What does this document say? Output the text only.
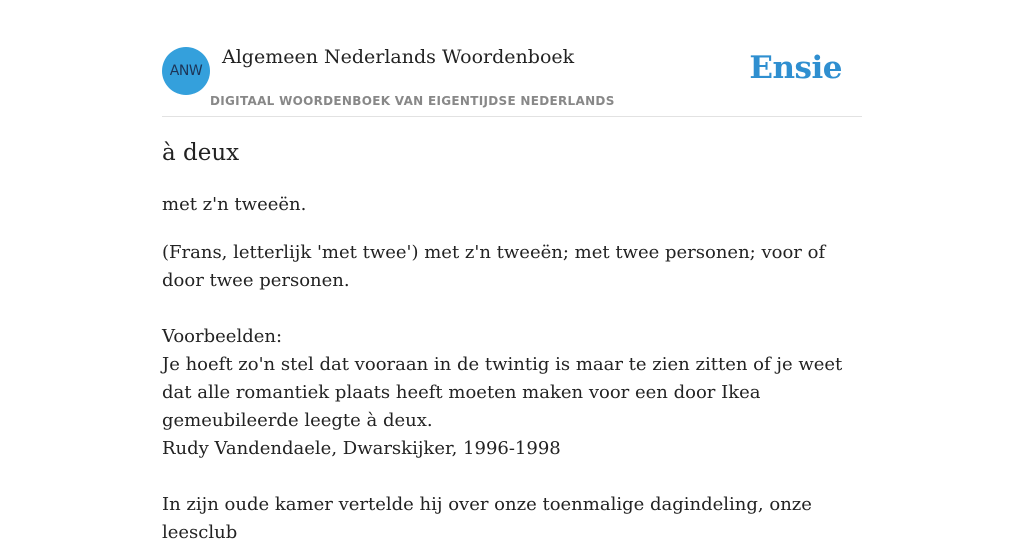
ANW
Algemeen Nederlands Woordenboek
DIGITAAL WOORDENBOEK VAN EIGENTIJDSE NEDERLANDS
Ensie
à deux
met z'n tweeën.

(Frans, letterlijk 'met twee') met z'n tweeën; met twee personen; voor of door twee personen.

Voorbeelden:

Je hoeft zo'n stel dat vooraan in de twintig is maar te zien zitten of je weet dat alle romantiek plaats heeft moeten maken voor een door Ikea gemeubileerde leegte à deux.

Rudy Vandendaele, Dwarskijker, 1996-1998

In zijn oude kamer vertelde hij over onze toenmalige dagindeling, onze leesclub
